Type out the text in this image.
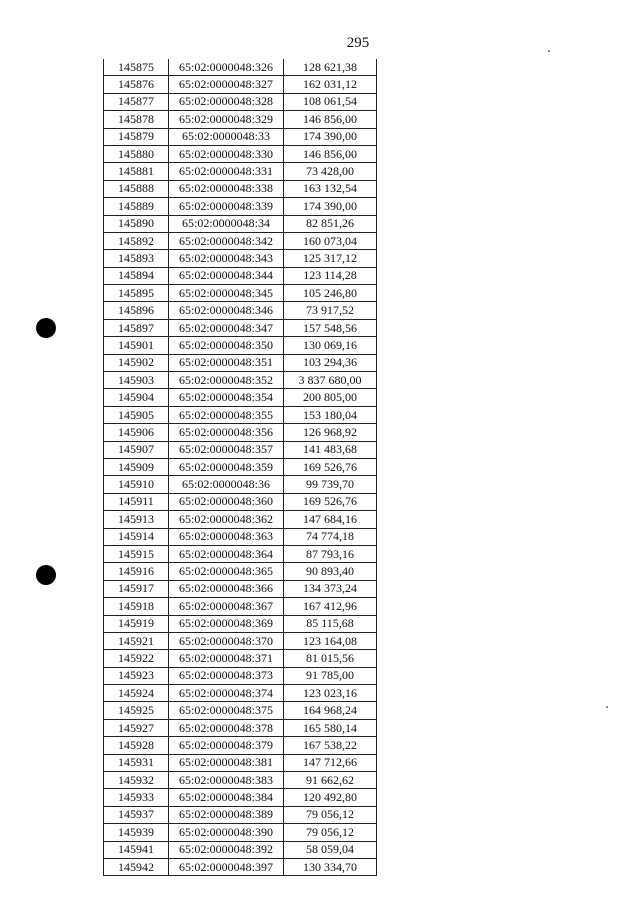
295
145875	65:02:0000048:326	128 621,38
145876	65:02:0000048:327	162 031,12
145877	65:02:0000048:328	108 061,54
145878	65:02:0000048:329	146 856,00
145879	65:02:0000048:33	174 390,00
145880	65:02:0000048:330	146 856,00
145881	65:02:0000048:331	73 428,00
145888	65:02:0000048:338	163 132,54
145889	65:02:0000048:339	174 390,00
145890	65:02:0000048:34	82 851,26
145892	65:02:0000048:342	160 073,04
145893	65:02:0000048:343	125 317,12
145894	65:02:0000048:344	123 114,28
145895	65:02:0000048:345	105 246,80
145896	65:02:0000048:346	73 917,52
145897	65:02:0000048:347	157 548,56
145901	65:02:0000048:350	130 069,16
145902	65:02:0000048:351	103 294,36
145903	65:02:0000048:352	3 837 680,00
145904	65:02:0000048:354	200 805,00
145905	65:02:0000048:355	153 180,04
145906	65:02:0000048:356	126 968,92
145907	65:02:0000048:357	141 483,68
145909	65:02:0000048:359	169 526,76
145910	65:02:0000048:36	99 739,70
145911	65:02:0000048:360	169 526,76
145913	65:02:0000048:362	147 684,16
145914	65:02:0000048:363	74 774,18
145915	65:02:0000048:364	87 793,16
145916	65:02:0000048:365	90 893,40
145917	65:02:0000048:366	134 373,24
145918	65:02:0000048:367	167 412,96
145919	65:02:0000048:369	85 115,68
145921	65:02:0000048:370	123 164,08
145922	65:02:0000048:371	81 015,56
145923	65:02:0000048:373	91 785,00
145924	65:02:0000048:374	123 023,16
145925	65:02:0000048:375	164 968,24
145927	65:02:0000048:378	165 580,14
145928	65:02:0000048:379	167 538,22
145931	65:02:0000048:381	147 712,66
145932	65:02:0000048:383	91 662,62
145933	65:02:0000048:384	120 492,80
145937	65:02:0000048:389	79 056,12
145939	65:02:0000048:390	79 056,12
145941	65:02:0000048:392	58 059,04
145942	65:02:0000048:397	130 334,70
